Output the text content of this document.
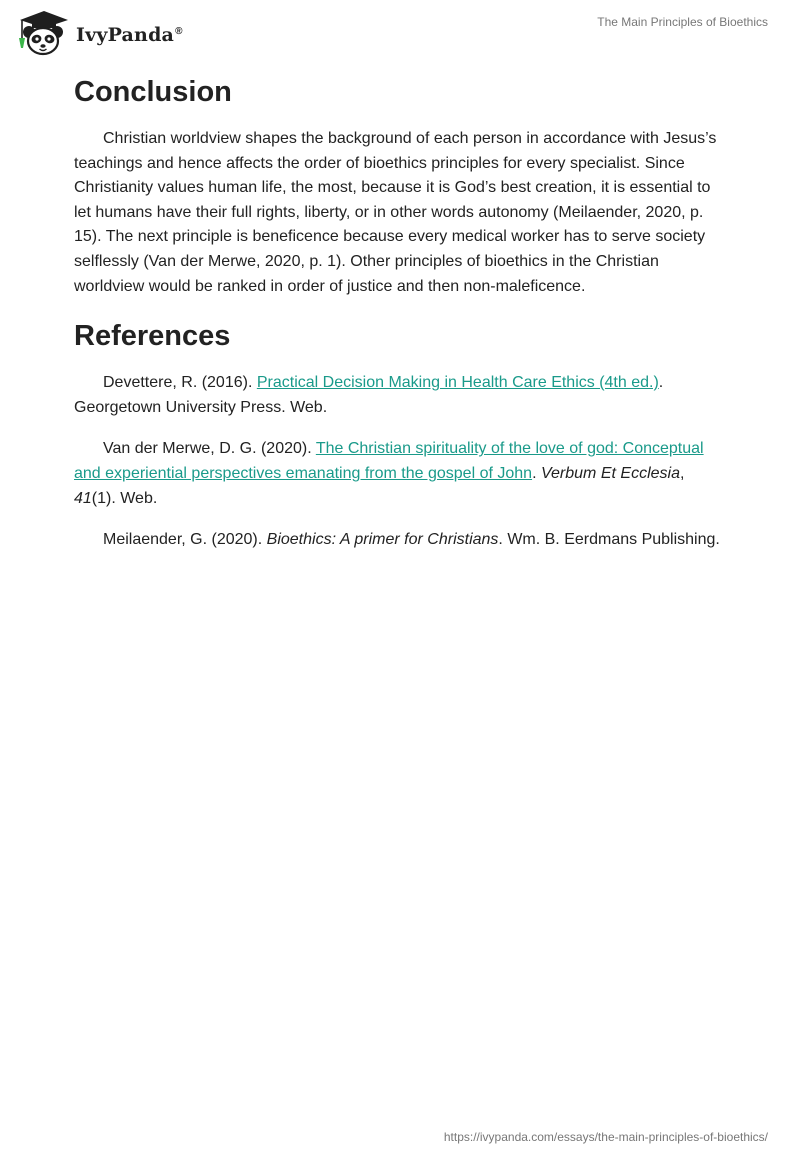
IvyPanda®
The Main Principles of Bioethics
Conclusion

Christian worldview shapes the background of each person in accordance with Jesus’s teachings and hence affects the order of bioethics principles for every specialist. Since Christianity values human life, the most, because it is God’s best creation, it is essential to let humans have their full rights, liberty, or in other words autonomy (Meilaender, 2020, p. 15). The next principle is beneficence because every medical worker has to serve society selflessly (Van der Merwe, 2020, p. 1). Other principles of bioethics in the Christian worldview would be ranked in order of justice and then non-maleficence.

References

Devettere, R. (2016). Practical Decision Making in Health Care Ethics (4th ed.). Georgetown University Press. Web.

Van der Merwe, D. G. (2020). The Christian spirituality of the love of god: Conceptual and experiential perspectives emanating from the gospel of John. Verbum Et Ecclesia, 41(1). Web.

Meilaender, G. (2020). Bioethics: A primer for Christians. Wm. B. Eerdmans Publishing.

https://ivypanda.com/essays/the-main-principles-of-bioethics/
